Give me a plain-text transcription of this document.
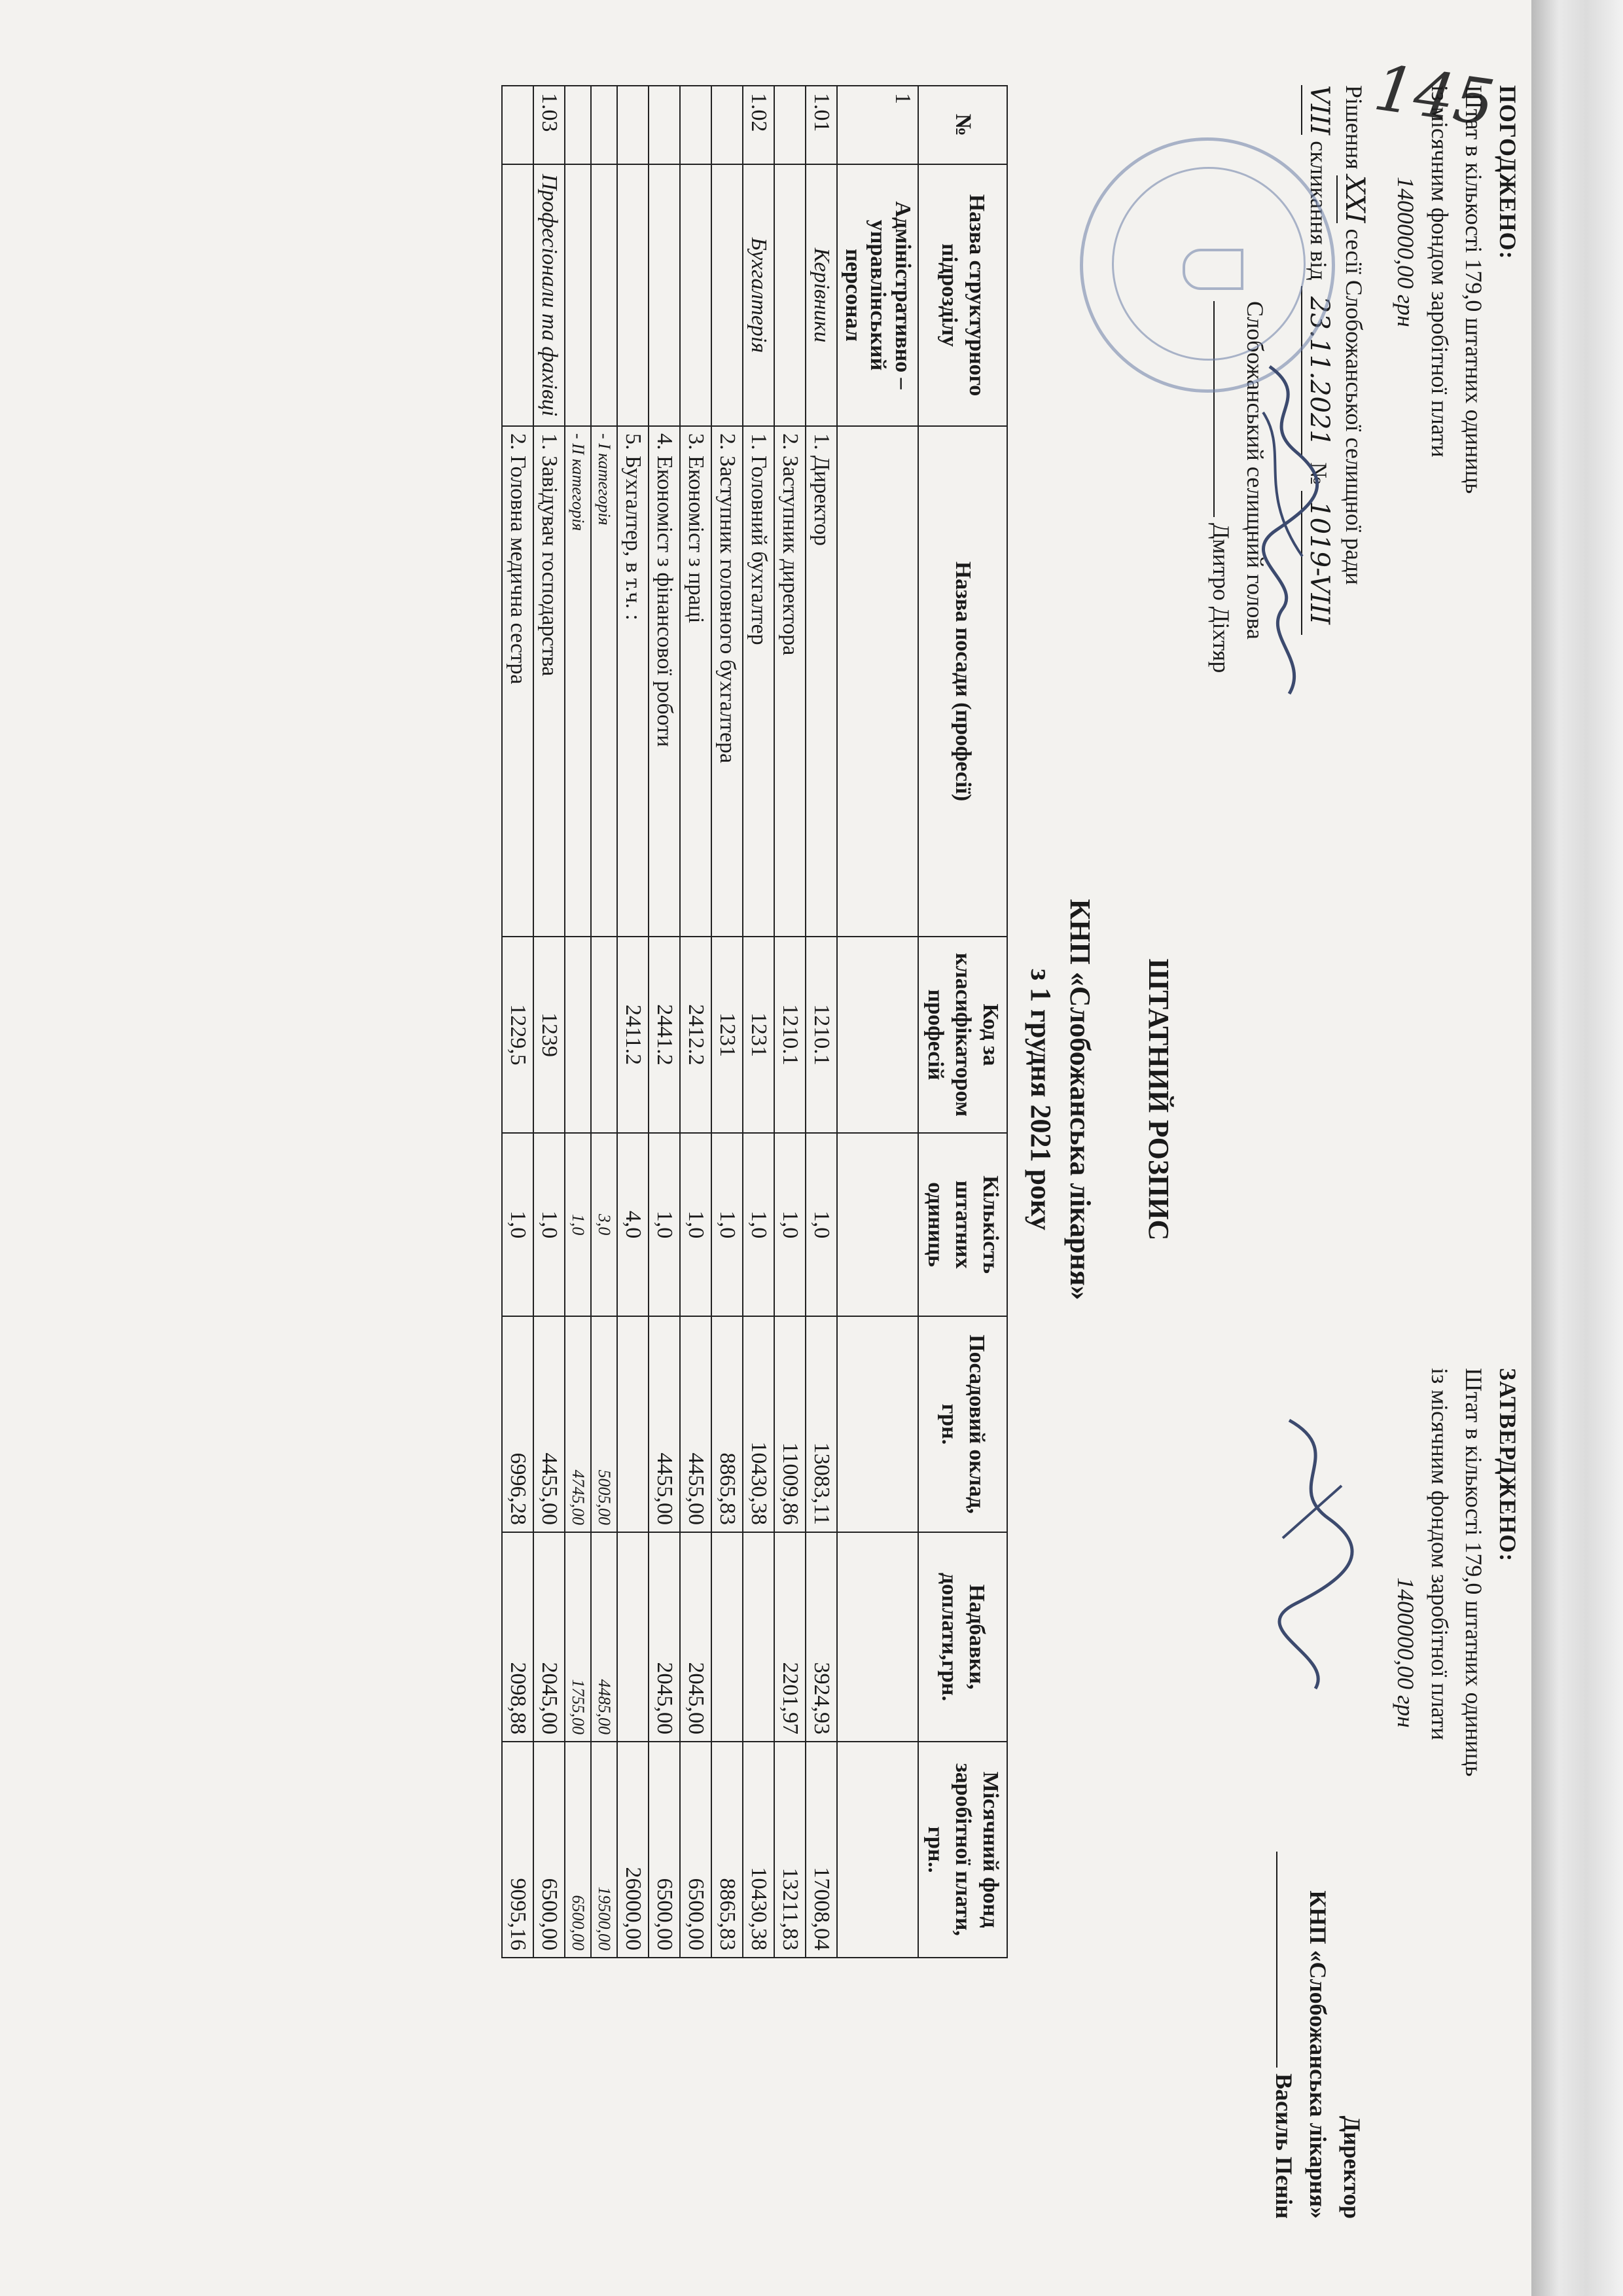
145
ПОГОДЖЕНО:
Штат в кількості 179,0 штатних одиниць
із місячним фондом заробітної плати
1400000,00 грн
Рішення XXI сесії Слобожанської селищної ради
VIII скликання від 23.11.2021 № 1019-VIII
Слобожанський селищний голова
Дмитро Діхтяр
ЗАТВЕРДЖЕНО:
Штат в кількості 179,0 штатних одиниць
із місячним фондом заробітної плати
1400000,00 грн
Директор
КНП «Слобожанська лікарня»
Василь Пєнін
ШТАТНИЙ РОЗПИС
КНП «Слобожанська лікарня»
з 1 грудня 2021 року
№	Назва структурного підрозділу	Назва посади (професії)	Код за класифікатором професій	Кількість штатних одиниць	Посадовий оклад, грн.	Надбавки, доплати,грн.	Місячний фонд заробітної плати, грн..
1	Адміністративно – управлінський персонал						
1.01	Керівники	1. Директор	1210.1	1,0	13083,11	3924,93	17008,04
		2. Заступник директора	1210.1	1,0	11009,86	2201,97	13211,83
1.02	Бухгалтерія	1. Головний бухгалтер	1231	1,0	10430,38		10430,38
		2. Заступник головного бухгалтера	1231	1,0	8865,83		8865,83
		3. Економіст з праці	2412.2	1,0	4455,00	2045,00	6500,00
		4. Економіст з фінансової роботи	2441.2	1,0	4455,00	2045,00	6500,00
		5. Бухгалтер, в т.ч. :	2411.2	4,0			26000,00
		- І категорія		3,0	5005,00	4485,00	19500,00
		- ІІ категорія		1,0	4745,00	1755,00	6500,00
1.03	Професіонали та фахівці	1. Завідувач господарства	1239	1,0	4455,00	2045,00	6500,00
		2. Головна медична сестра	1229,5	1,0	6996,28	2098,88	9095,16
